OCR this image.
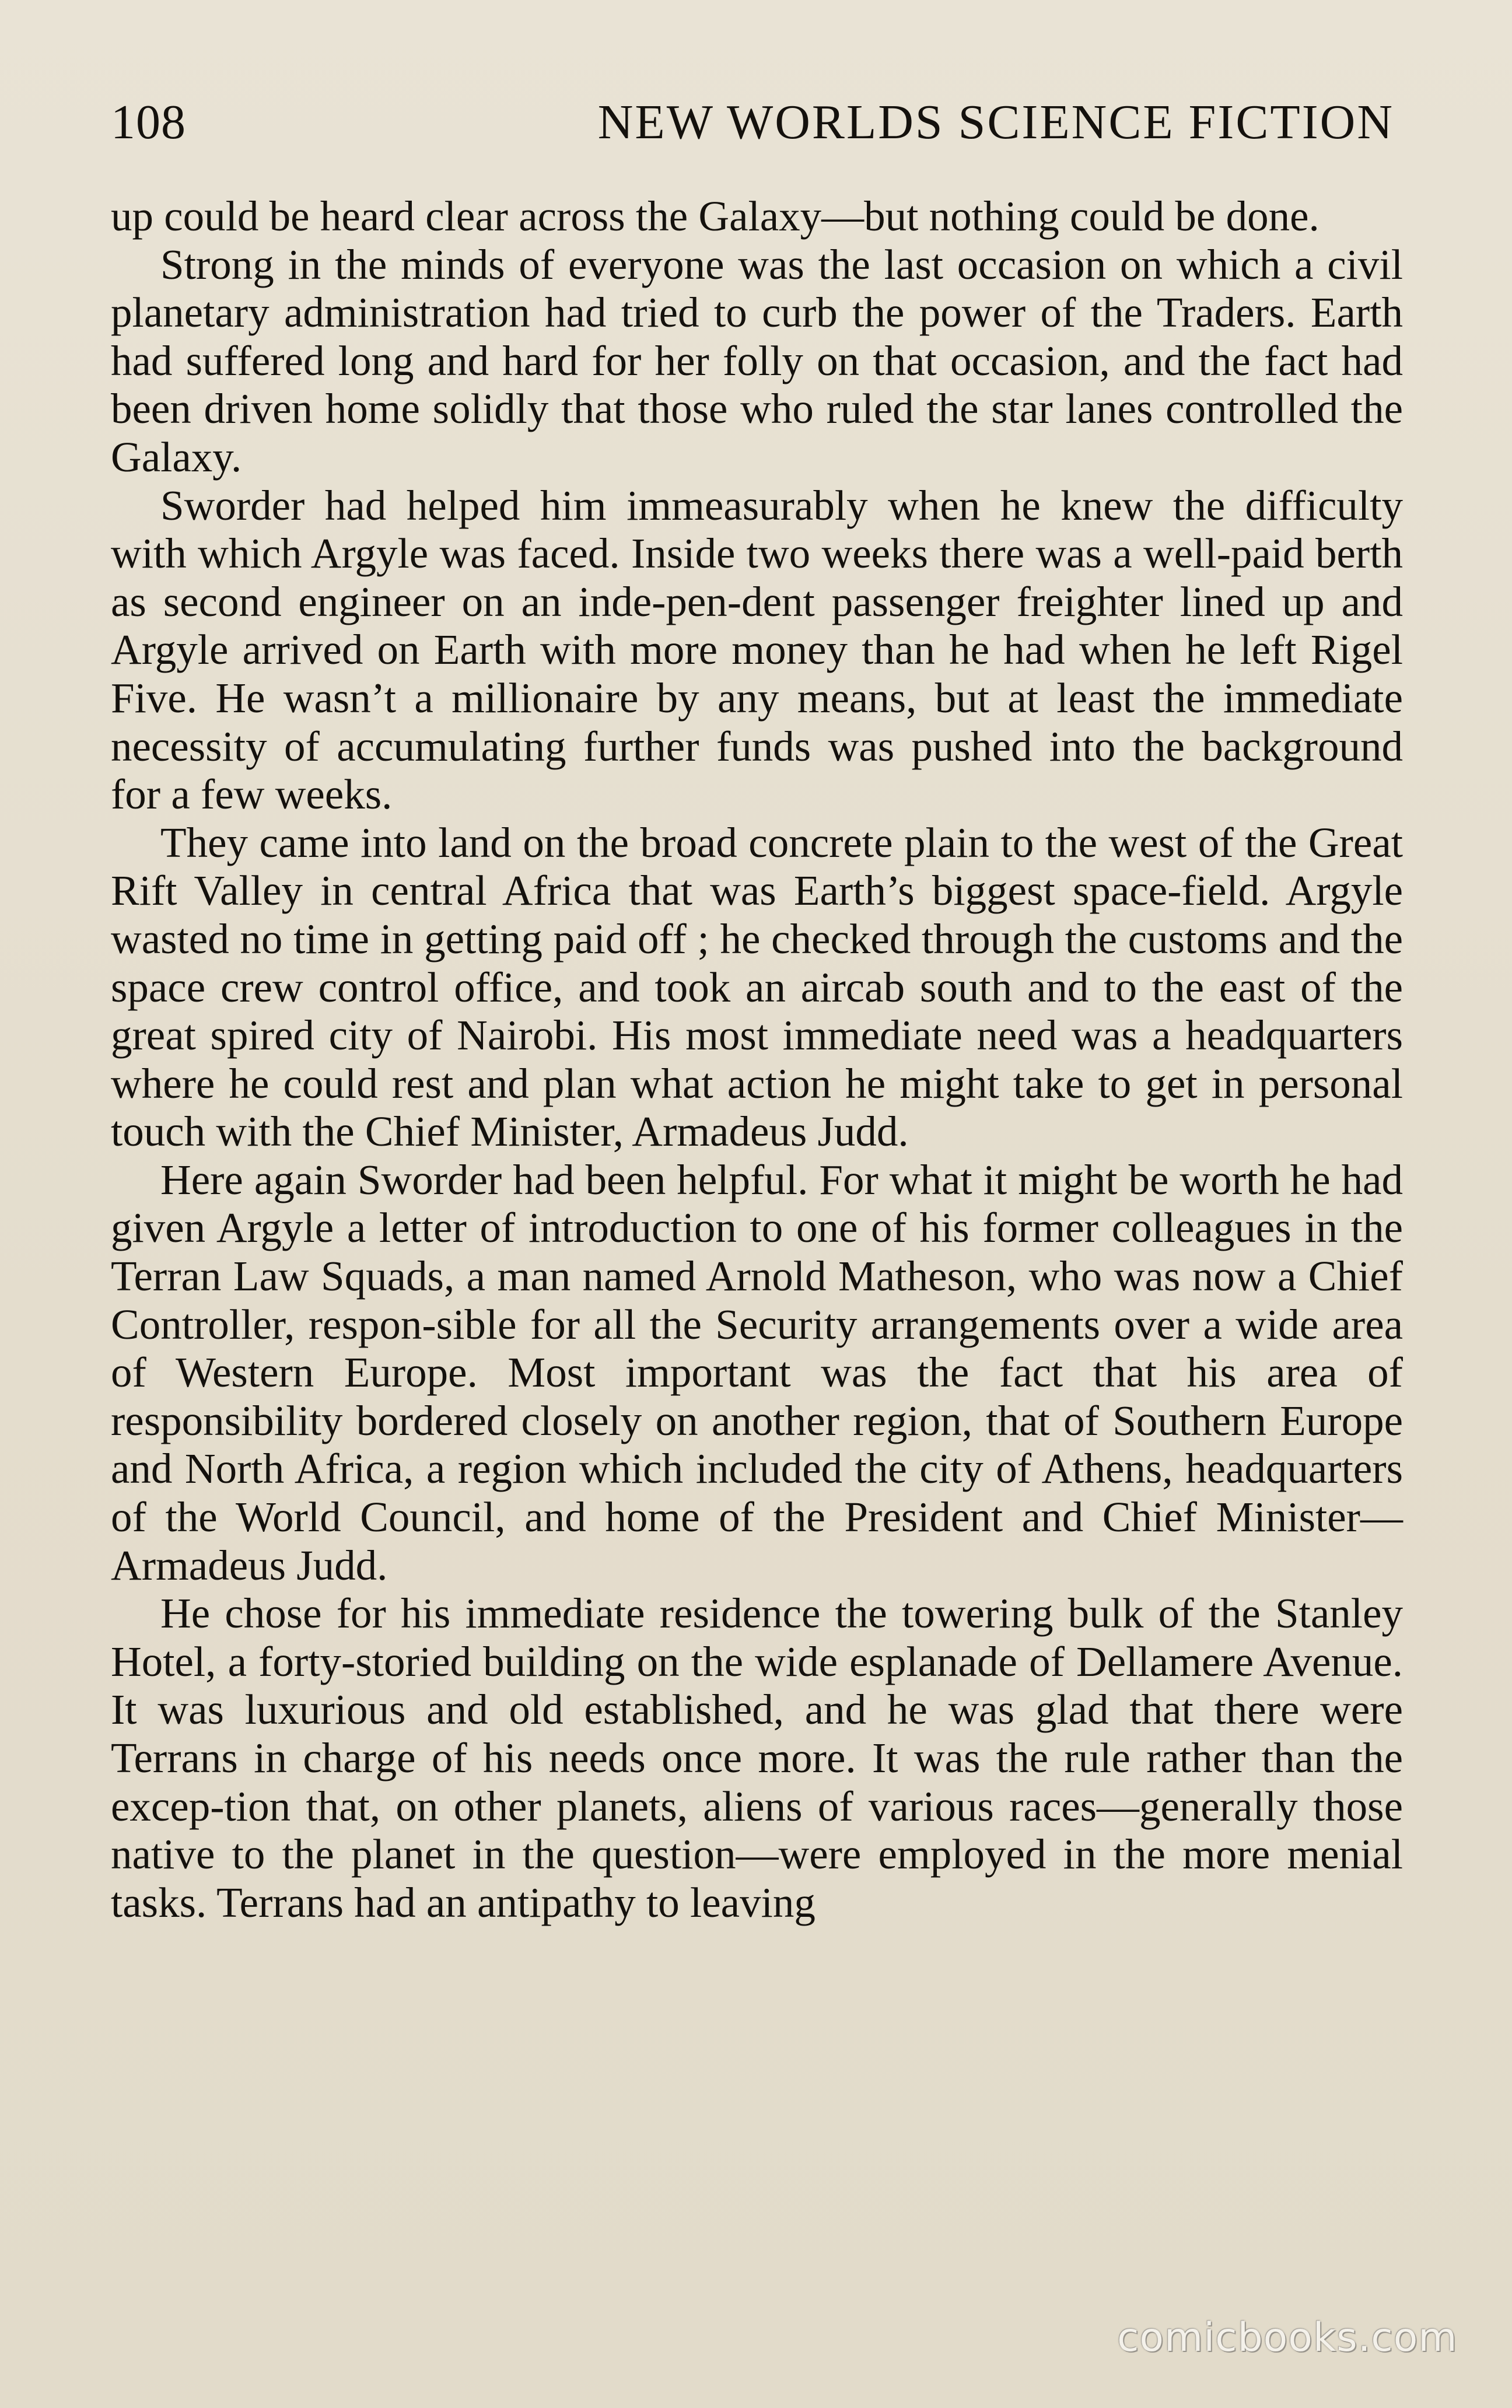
108	NEW WORLDS SCIENCE FICTION

up could be heard clear across the Galaxy—but nothing could be done.

Strong in the minds of everyone was the last occasion on which a civil planetary administration had tried to curb the power of the Traders. Earth had suffered long and hard for her folly on that occasion, and the fact had been driven home solidly that those who ruled the star lanes controlled the Galaxy.

Sworder had helped him immeasurably when he knew the difficulty with which Argyle was faced. Inside two weeks there was a well-paid berth as second engineer on an inde-pen-dent passenger freighter lined up and Argyle arrived on Earth with more money than he had when he left Rigel Five. He wasn’t a millionaire by any means, but at least the immediate necessity of accumulating further funds was pushed into the background for a few weeks.

They came into land on the broad concrete plain to the west of the Great Rift Valley in central Africa that was Earth’s biggest space-field. Argyle wasted no time in getting paid off ; he checked through the customs and the space crew control office, and took an aircab south and to the east of the great spired city of Nairobi. His most immediate need was a headquarters where he could rest and plan what action he might take to get in personal touch with the Chief Minister, Armadeus Judd.

Here again Sworder had been helpful. For what it might be worth he had given Argyle a letter of introduction to one of his former colleagues in the Terran Law Squads, a man named Arnold Matheson, who was now a Chief Controller, respon-sible for all the Security arrangements over a wide area of Western Europe. Most important was the fact that his area of responsibility bordered closely on another region, that of Southern Europe and North Africa, a region which included the city of Athens, headquarters of the World Council, and home of the President and Chief Minister—Armadeus Judd.

He chose for his immediate residence the towering bulk of the Stanley Hotel, a forty-storied building on the wide esplanade of Dellamere Avenue. It was luxurious and old established, and he was glad that there were Terrans in charge of his needs once more. It was the rule rather than the excep-tion that, on other planets, aliens of various races—generally those native to the planet in the question—were employed in the more menial tasks. Terrans had an antipathy to leaving

comicbooks.com
